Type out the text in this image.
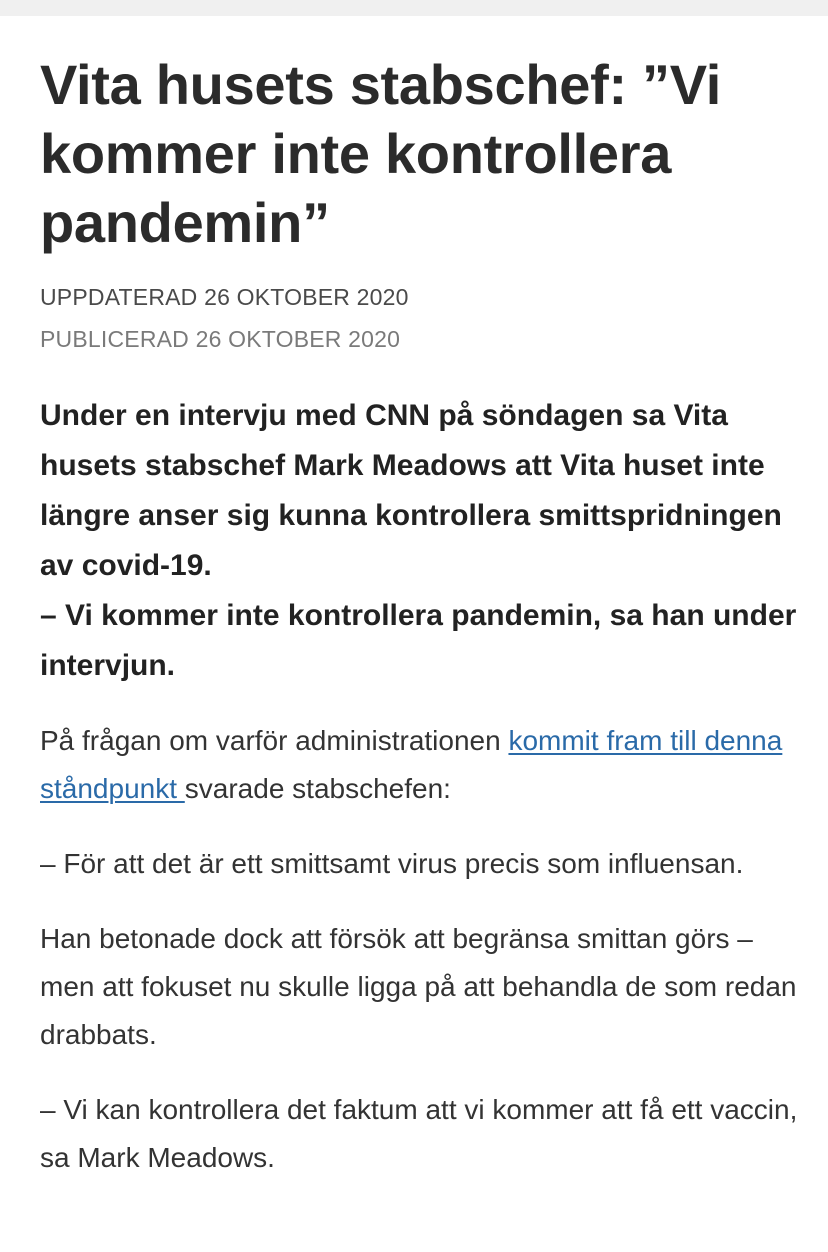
Vita husets stabschef: ”Vi kommer inte kontrollera pandemin”
UPPDATERAD 26 OKTOBER 2020
PUBLICERAD 26 OKTOBER 2020

Under en intervju med CNN på söndagen sa Vita husets stabschef Mark Meadows att Vita huset inte längre anser sig kunna kontrollera smittspridningen av covid-19.
– Vi kommer inte kontrollera pandemin, sa han under intervjun.

På frågan om varför administrationen kommit fram till denna ståndpunkt svarade stabschefen:

– För att det är ett smittsamt virus precis som influensan.

Han betonade dock att försök att begränsa smittan görs – men att fokuset nu skulle ligga på att behandla de som redan drabbats.

– Vi kan kontrollera det faktum att vi kommer att få ett vaccin, sa Mark Meadows.
